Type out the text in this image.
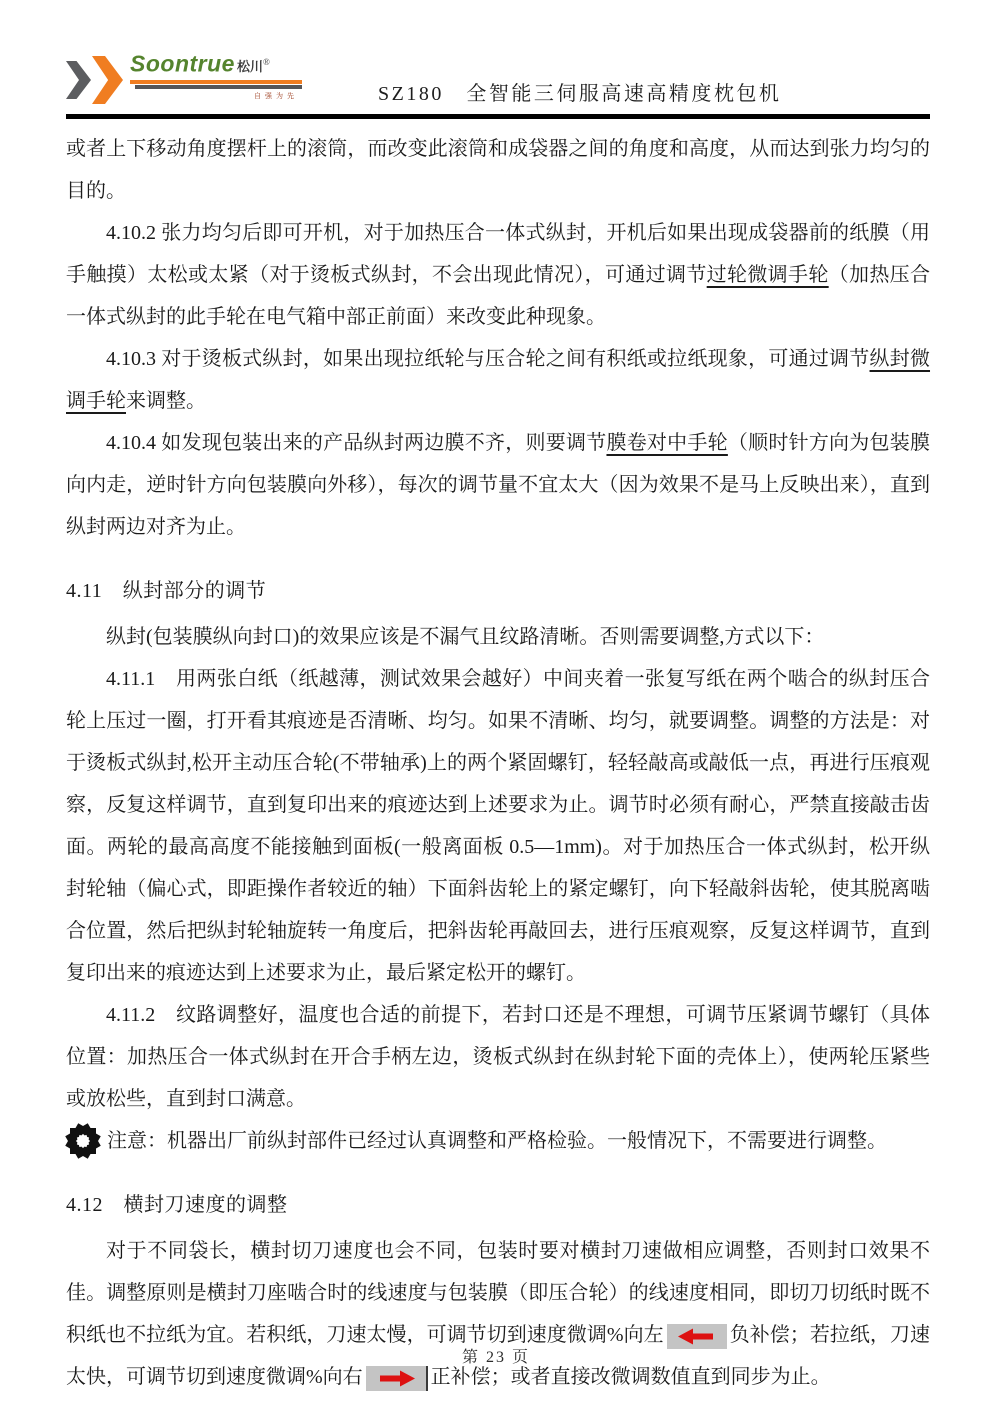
Soontrue 松川®
自强为先	SZ180　全智能三伺服高速高精度枕包机

或者上下移动角度摆杆上的滚筒，而改变此滚筒和成袋器之间的角度和高度，从而达到张力均匀的目的。

4.10.2 张力均匀后即可开机，对于加热压合一体式纵封，开机后如果出现成袋器前的纸膜（用手触摸）太松或太紧（对于烫板式纵封，不会出现此情况），可通过调节过轮微调手轮（加热压合一体式纵封的此手轮在电气箱中部正前面）来改变此种现象。

4.10.3 对于烫板式纵封，如果出现拉纸轮与压合轮之间有积纸或拉纸现象，可通过调节纵封微调手轮来调整。

4.10.4 如发现包装出来的产品纵封两边膜不齐，则要调节膜卷对中手轮（顺时针方向为包装膜向内走，逆时针方向包装膜向外移），每次的调节量不宜太大（因为效果不是马上反映出来），直到纵封两边对齐为止。

4.11　纵封部分的调节

纵封(包装膜纵向封口)的效果应该是不漏气且纹路清晰。否则需要调整,方式以下：

4.11.1　用两张白纸（纸越薄，测试效果会越好）中间夹着一张复写纸在两个啮合的纵封压合轮上压过一圈，打开看其痕迹是否清晰、均匀。如果不清晰、均匀，就要调整。调整的方法是：对于烫板式纵封,松开主动压合轮(不带轴承)上的两个紧固螺钉，轻轻敲高或敲低一点，再进行压痕观察，反复这样调节，直到复印出来的痕迹达到上述要求为止。调节时必须有耐心，严禁直接敲击齿面。两轮的最高高度不能接触到面板(一般离面板 0.5—1mm)。对于加热压合一体式纵封，松开纵封轮轴（偏心式，即距操作者较近的轴）下面斜齿轮上的紧定螺钉，向下轻敲斜齿轮，使其脱离啮合位置，然后把纵封轮轴旋转一角度后，把斜齿轮再敲回去，进行压痕观察，反复这样调节，直到复印出来的痕迹达到上述要求为止，最后紧定松开的螺钉。

4.11.2　纹路调整好，温度也合适的前提下，若封口还是不理想，可调节压紧调节螺钉（具体位置：加热压合一体式纵封在开合手柄左边，烫板式纵封在纵封轮下面的壳体上），使两轮压紧些或放松些，直到封口满意。

注意：机器出厂前纵封部件已经过认真调整和严格检验。一般情况下，不需要进行调整。
4.12　横封刀速度的调整

对于不同袋长，横封切刀速度也会不同，包装时要对横封刀速做相应调整，否则封口效果不佳。调整原则是横封刀座啮合时的线速度与包装膜（即压合轮）的线速度相同，即切刀切纸时既不积纸也不拉纸为宜。若积纸，刀速太慢，可调节切到速度微调%向左	负补偿；若拉纸，刀速太快，可调节切到速度微调%向右	正补偿；或者直接改微调数值直到同步为止。

第 23 页
